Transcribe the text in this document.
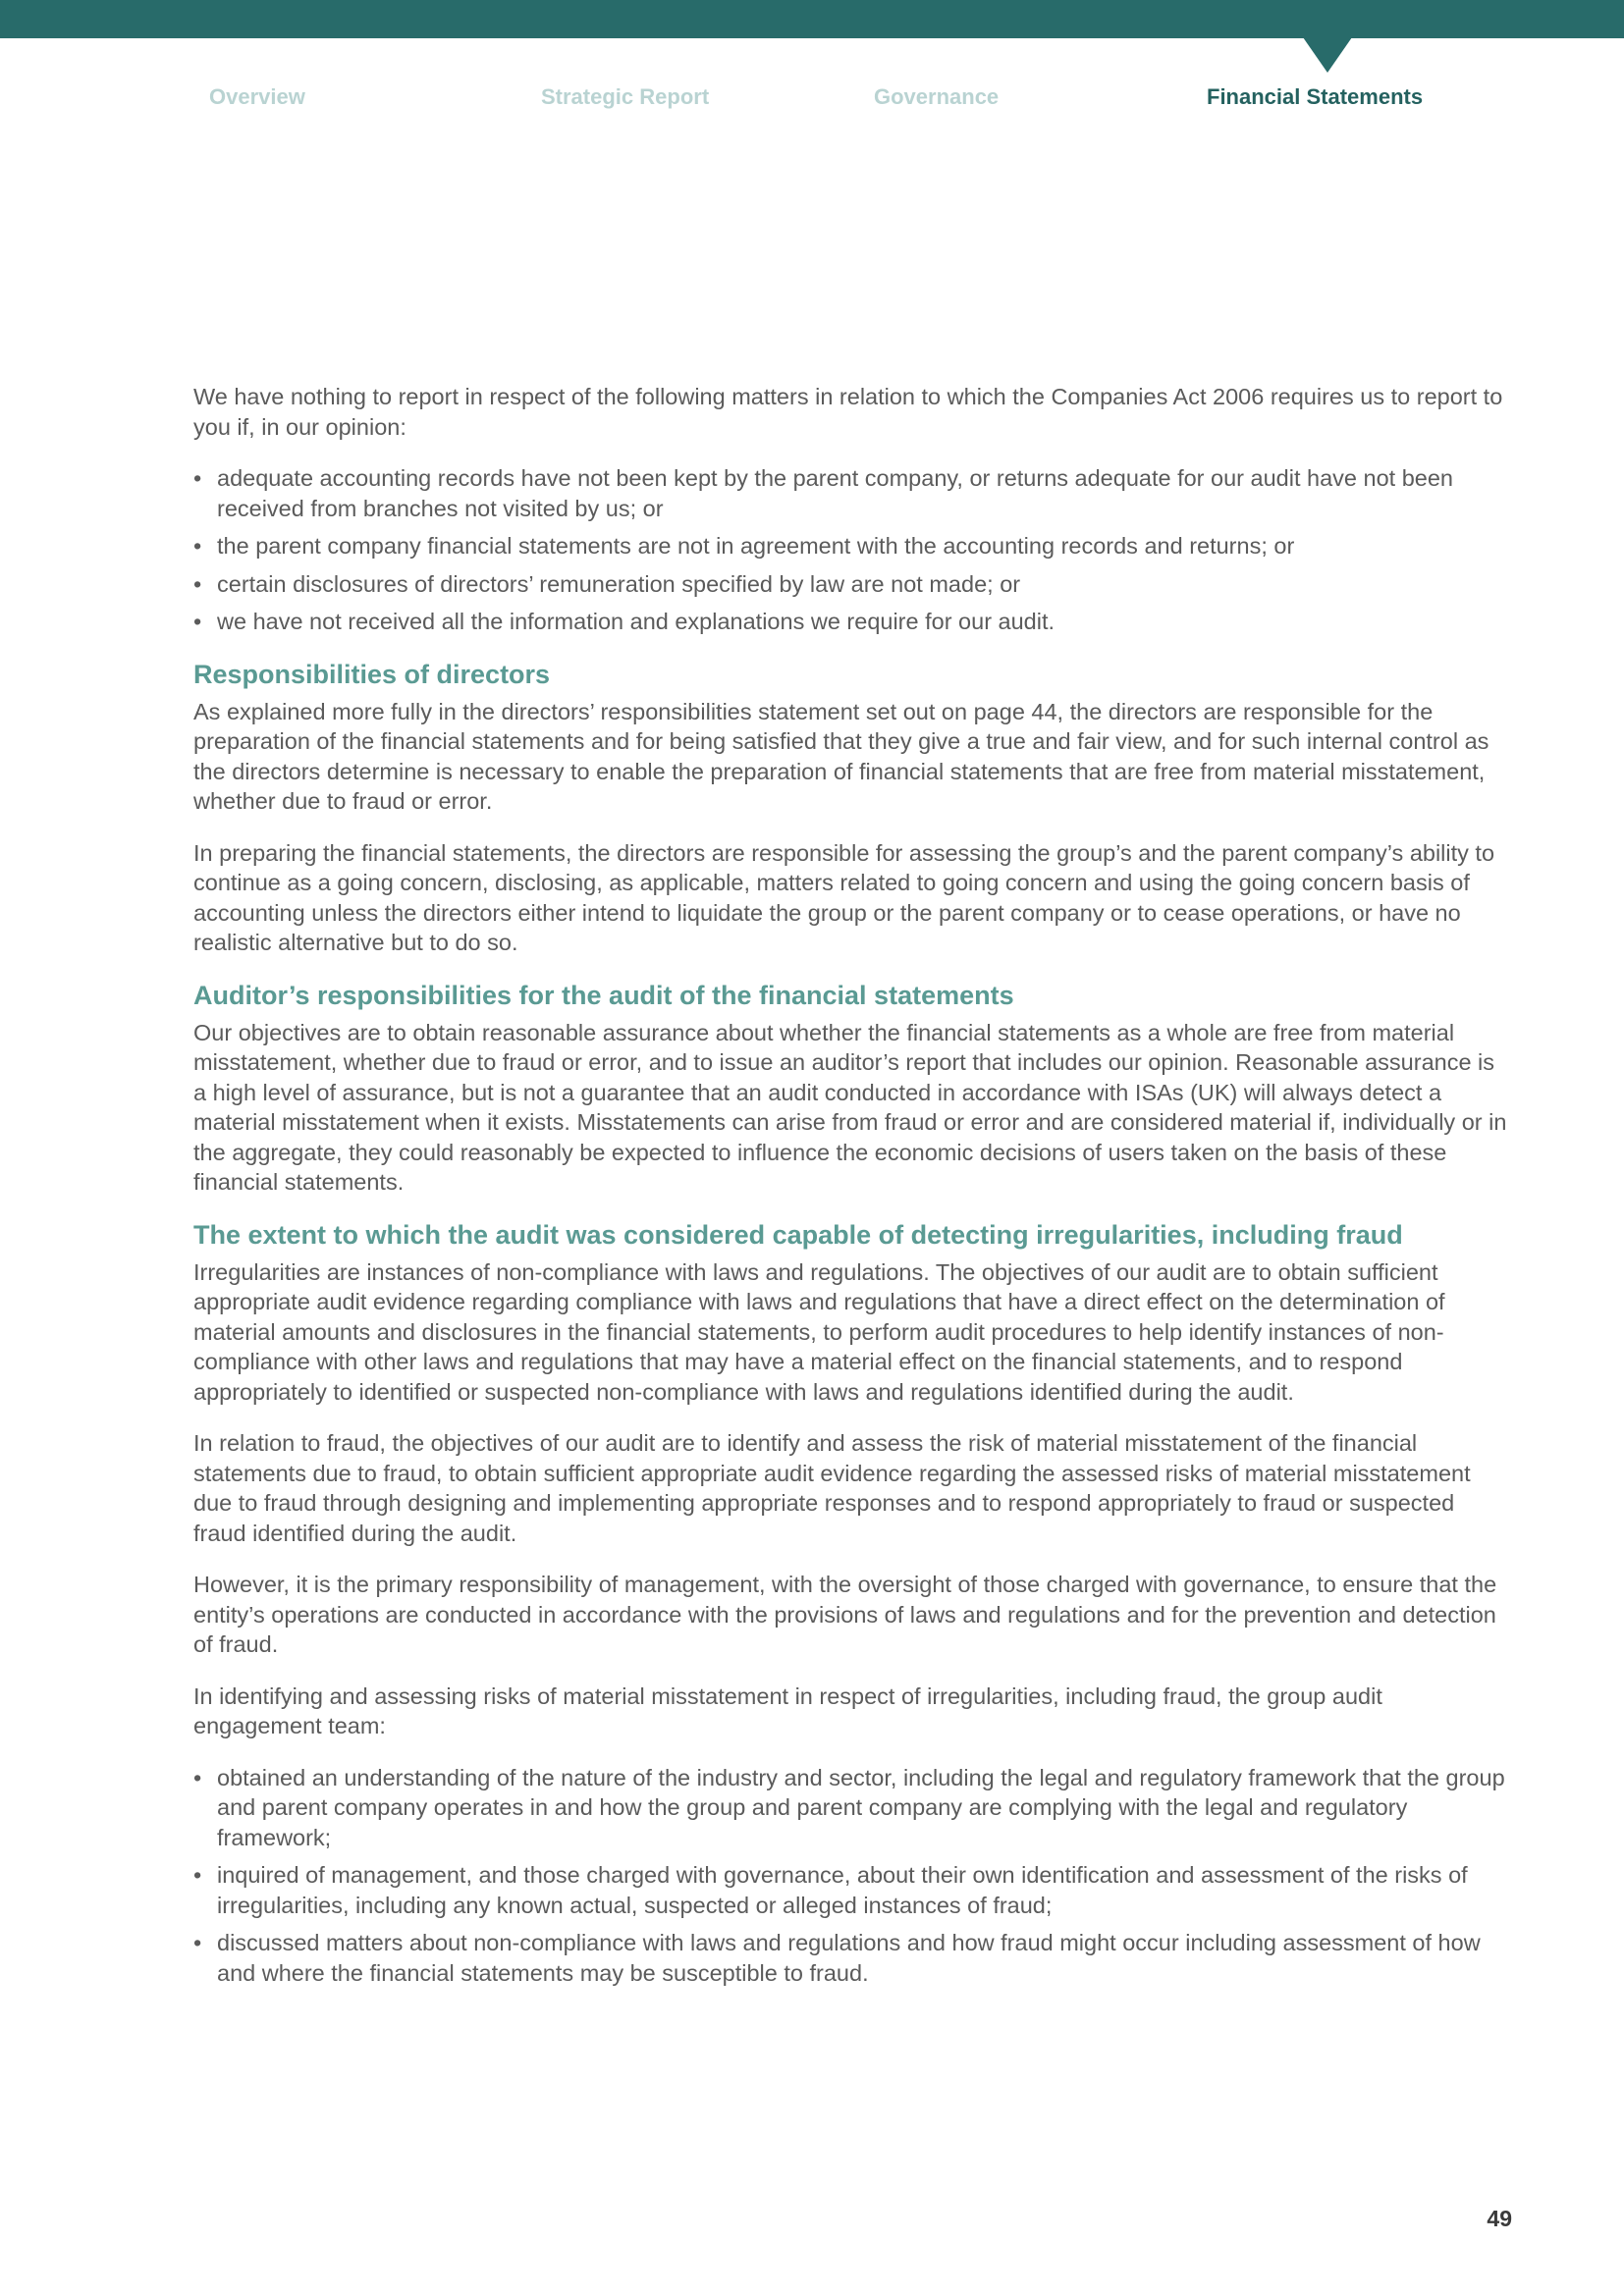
Overview	Strategic Report	Governance	Financial Statements

We have nothing to report in respect of the following matters in relation to which the Companies Act 2006 requires us to report to you if, in our opinion:

• adequate accounting records have not been kept by the parent company, or returns adequate for our audit have not been received from branches not visited by us; or
• the parent company financial statements are not in agreement with the accounting records and returns; or
• certain disclosures of directors’ remuneration specified by law are not made; or
• we have not received all the information and explanations we require for our audit.
Responsibilities of directors

As explained more fully in the directors’ responsibilities statement set out on page 44, the directors are responsible for the preparation of the financial statements and for being satisfied that they give a true and fair view, and for such internal control as the directors determine is necessary to enable the preparation of financial statements that are free from material misstatement, whether due to fraud or error.

In preparing the financial statements, the directors are responsible for assessing the group’s and the parent company’s ability to continue as a going concern, disclosing, as applicable, matters related to going concern and using the going concern basis of accounting unless the directors either intend to liquidate the group or the parent company or to cease operations, or have no realistic alternative but to do so.

Auditor’s responsibilities for the audit of the financial statements

Our objectives are to obtain reasonable assurance about whether the financial statements as a whole are free from material misstatement, whether due to fraud or error, and to issue an auditor’s report that includes our opinion. Reasonable assurance is a high level of assurance, but is not a guarantee that an audit conducted in accordance with ISAs (UK) will always detect a material misstatement when it exists. Misstatements can arise from fraud or error and are considered material if, individually or in the aggregate, they could reasonably be expected to influence the economic decisions of users taken on the basis of these financial statements.

The extent to which the audit was considered capable of detecting irregularities, including fraud

Irregularities are instances of non-compliance with laws and regulations. The objectives of our audit are to obtain sufficient appropriate audit evidence regarding compliance with laws and regulations that have a direct effect on the determination of material amounts and disclosures in the financial statements, to perform audit procedures to help identify instances of non-compliance with other laws and regulations that may have a material effect on the financial statements, and to respond appropriately to identified or suspected non-compliance with laws and regulations identified during the audit.

In relation to fraud, the objectives of our audit are to identify and assess the risk of material misstatement of the financial statements due to fraud, to obtain sufficient appropriate audit evidence regarding the assessed risks of material misstatement due to fraud through designing and implementing appropriate responses and to respond appropriately to fraud or suspected fraud identified during the audit.

However, it is the primary responsibility of management, with the oversight of those charged with governance, to ensure that the entity’s operations are conducted in accordance with the provisions of laws and regulations and for the prevention and detection of fraud.

In identifying and assessing risks of material misstatement in respect of irregularities, including fraud, the group audit engagement team:

• obtained an understanding of the nature of the industry and sector, including the legal and regulatory framework that the group and parent company operates in and how the group and parent company are complying with the legal and regulatory framework;
• inquired of management, and those charged with governance, about their own identification and assessment of the risks of irregularities, including any known actual, suspected or alleged instances of fraud;
• discussed matters about non-compliance with laws and regulations and how fraud might occur including assessment of how and where the financial statements may be susceptible to fraud.
49
